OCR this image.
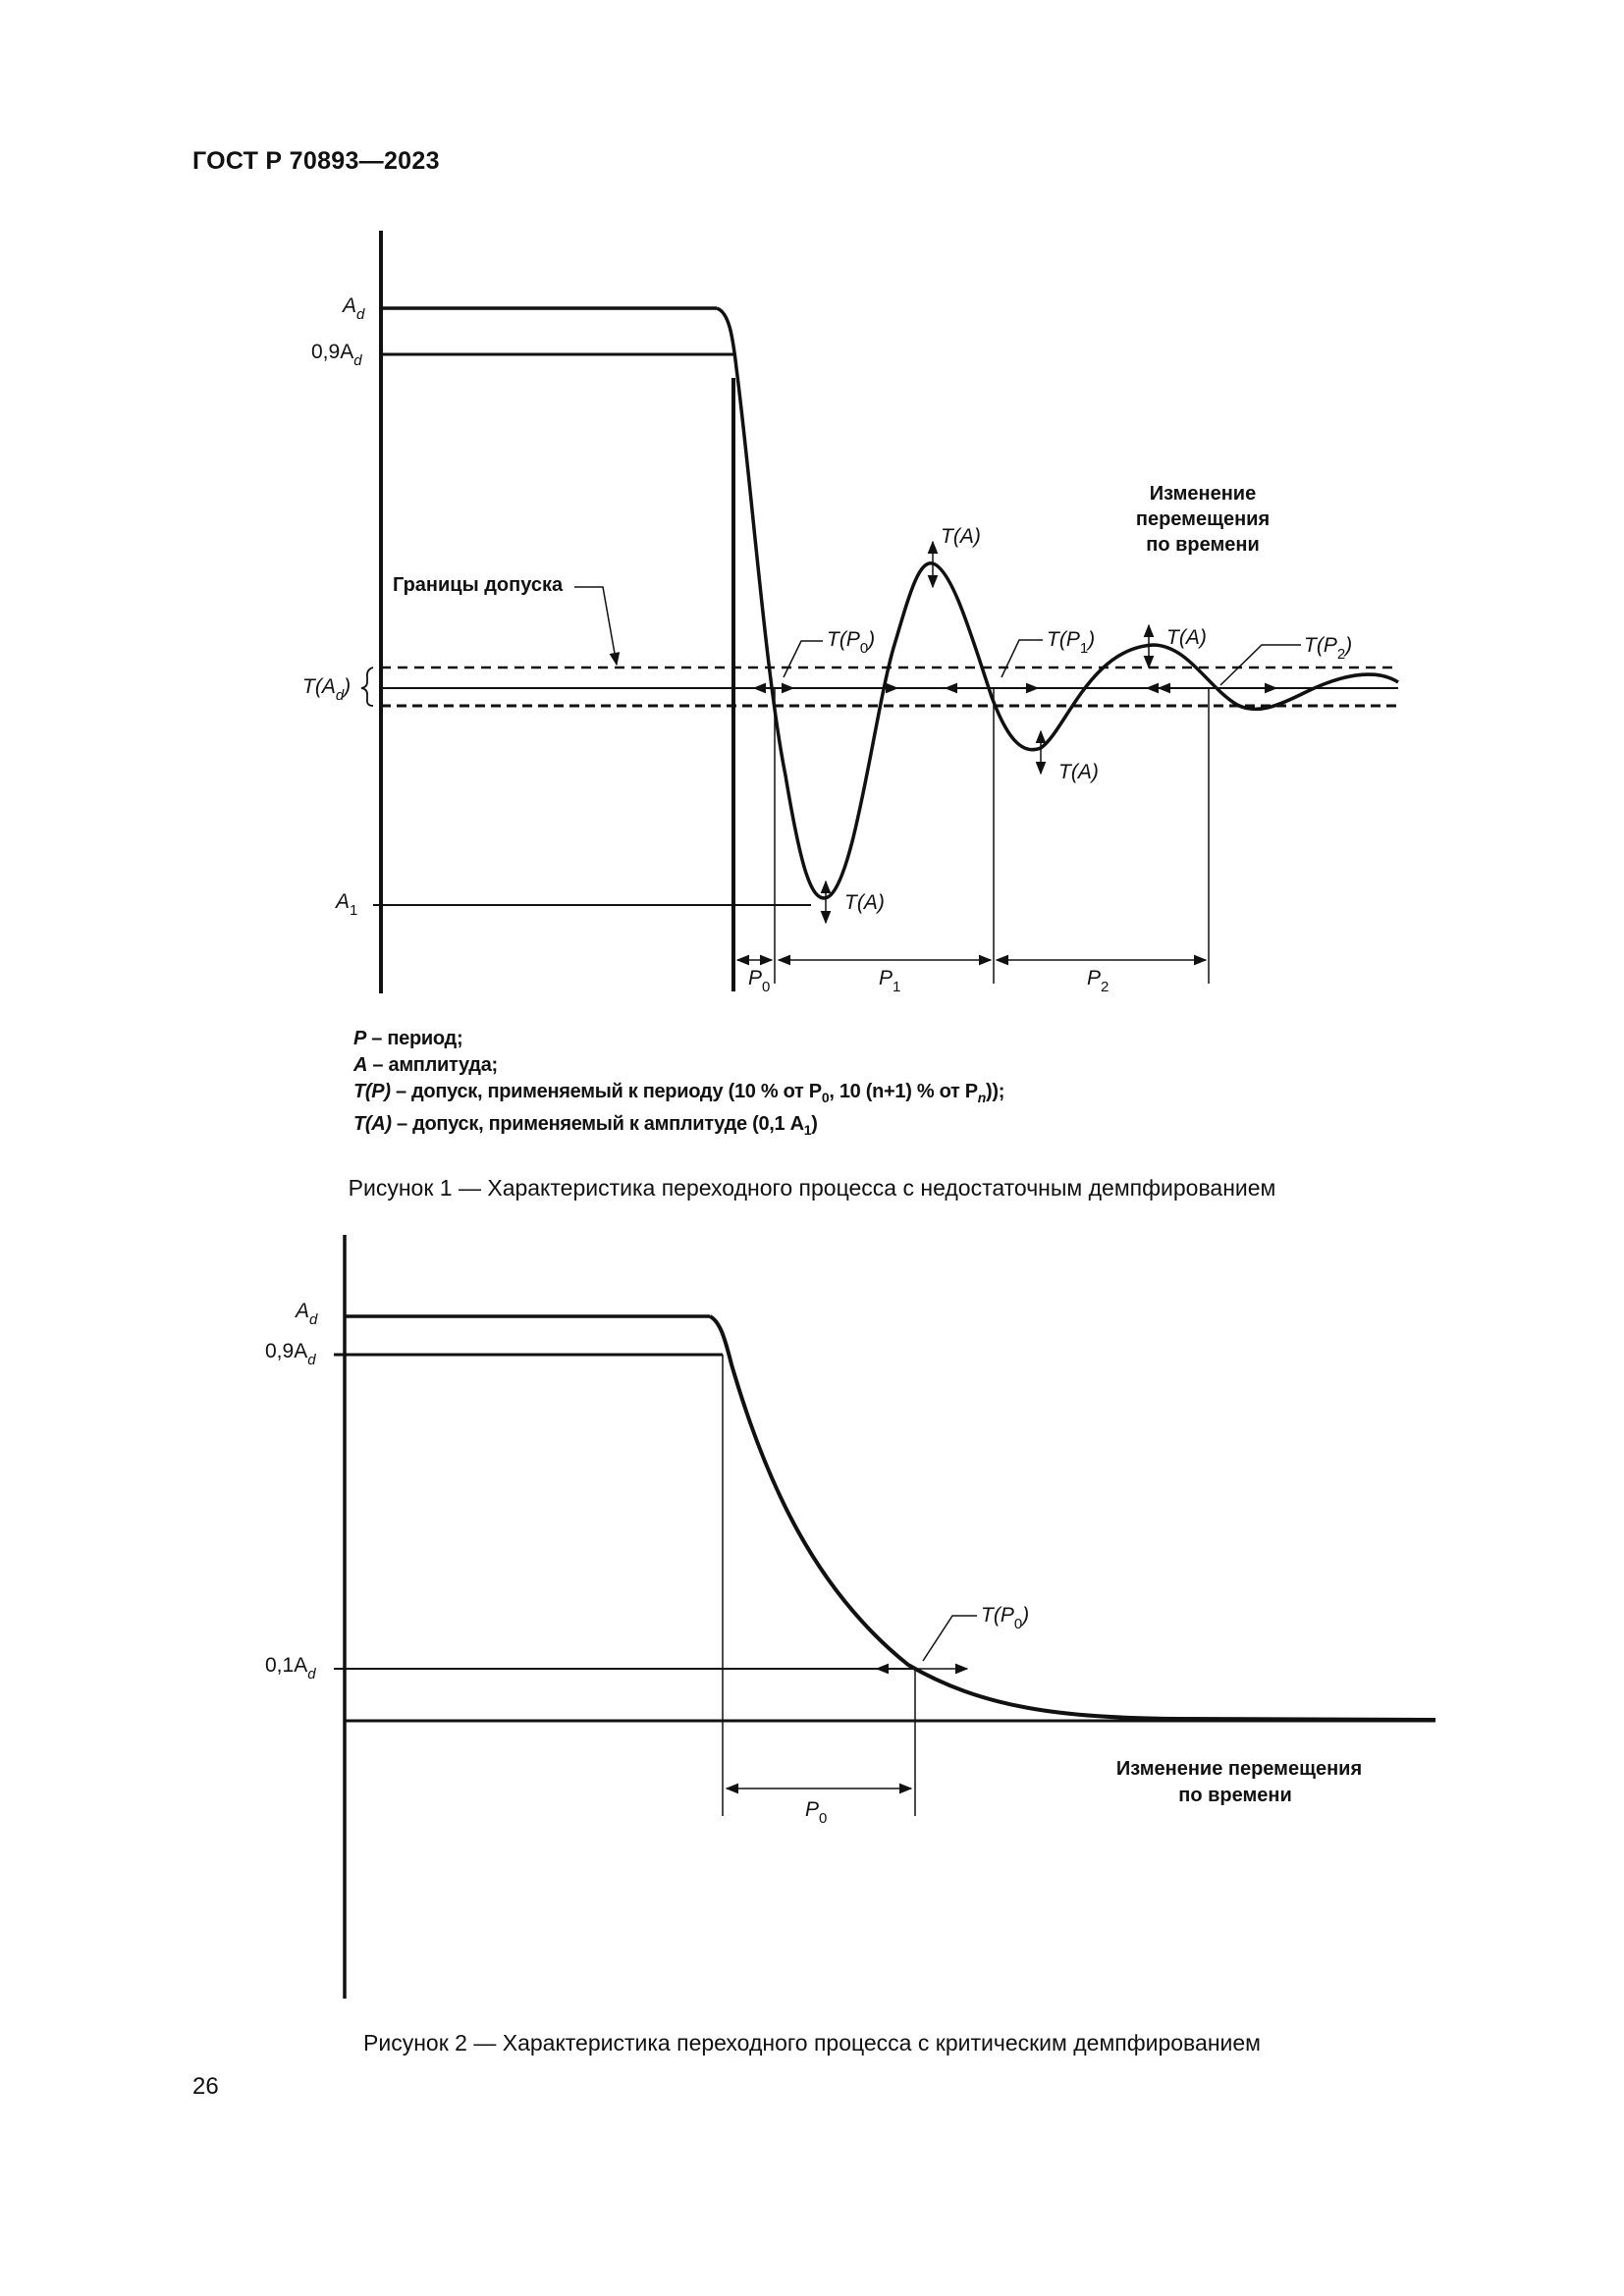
ГОСТ Р 70893—2023
$A_d$
$0,9A_d$
$T(A_d)$
$A_1$
Границы допуска
Изменение
перемещения
по времени
T(A)
T(A)
T(A)
T(A)
$T(P_0)$	$T(P_1)$	$T(P_2)$
$P_0$	$P_1$	$P_2$
$A_d$
$0,9A_d$
$0,1A_d$
$T(P_0)$
Изменение перемещения
по времени
$P_0$
P – период;
A – амплитуда;
T(P) – допуск, применяемый к периоду (10 % от $P_0$, 10 (n+1) % от $P_n$));
T(A) – допуск, применяемый к амплитуде (0,1 $A_1$)
Рисунок 1 — Характеристика переходного процесса с недостаточным демпфированием
Рисунок 2 — Характеристика переходного процесса с критическим демпфированием
26
